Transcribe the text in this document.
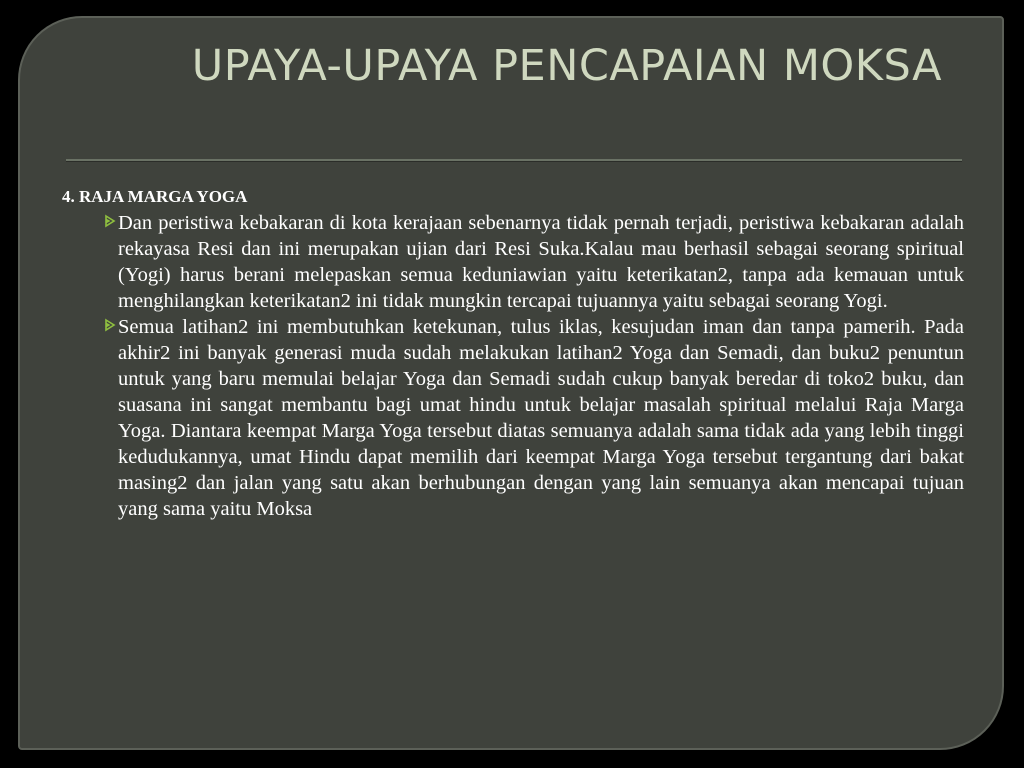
UPAYA-UPAYA PENCAPAIAN MOKSA
4. RAJA MARGA YOGA
Dan peristiwa kebakaran di kota kerajaan sebenarnya tidak pernah terjadi, peristiwa kebakaran adalah rekayasa Resi dan ini merupakan ujian dari Resi Suka.Kalau mau berhasil sebagai seorang spiritual (Yogi) harus berani melepaskan semua keduniawian yaitu keterikatan2, tanpa ada kemauan untuk menghilangkan keterikatan2 ini tidak mungkin tercapai tujuannya yaitu sebagai seorang Yogi.
Semua latihan2 ini membutuhkan ketekunan, tulus iklas, kesujudan iman dan tanpa pamerih. Pada akhir2 ini banyak generasi muda sudah melakukan latihan2 Yoga dan Semadi, dan buku2 penuntun untuk yang baru memulai belajar Yoga dan Semadi sudah cukup banyak beredar di toko2 buku, dan suasana ini sangat membantu bagi umat hindu untuk belajar masalah spiritual melalui Raja Marga Yoga. Diantara keempat Marga Yoga tersebut diatas semuanya adalah sama tidak ada yang lebih tinggi kedudukannya, umat Hindu dapat memilih dari keempat Marga Yoga tersebut tergantung dari bakat masing2 dan jalan yang satu akan berhubungan dengan yang lain semuanya akan mencapai tujuan yang sama yaitu Moksa
